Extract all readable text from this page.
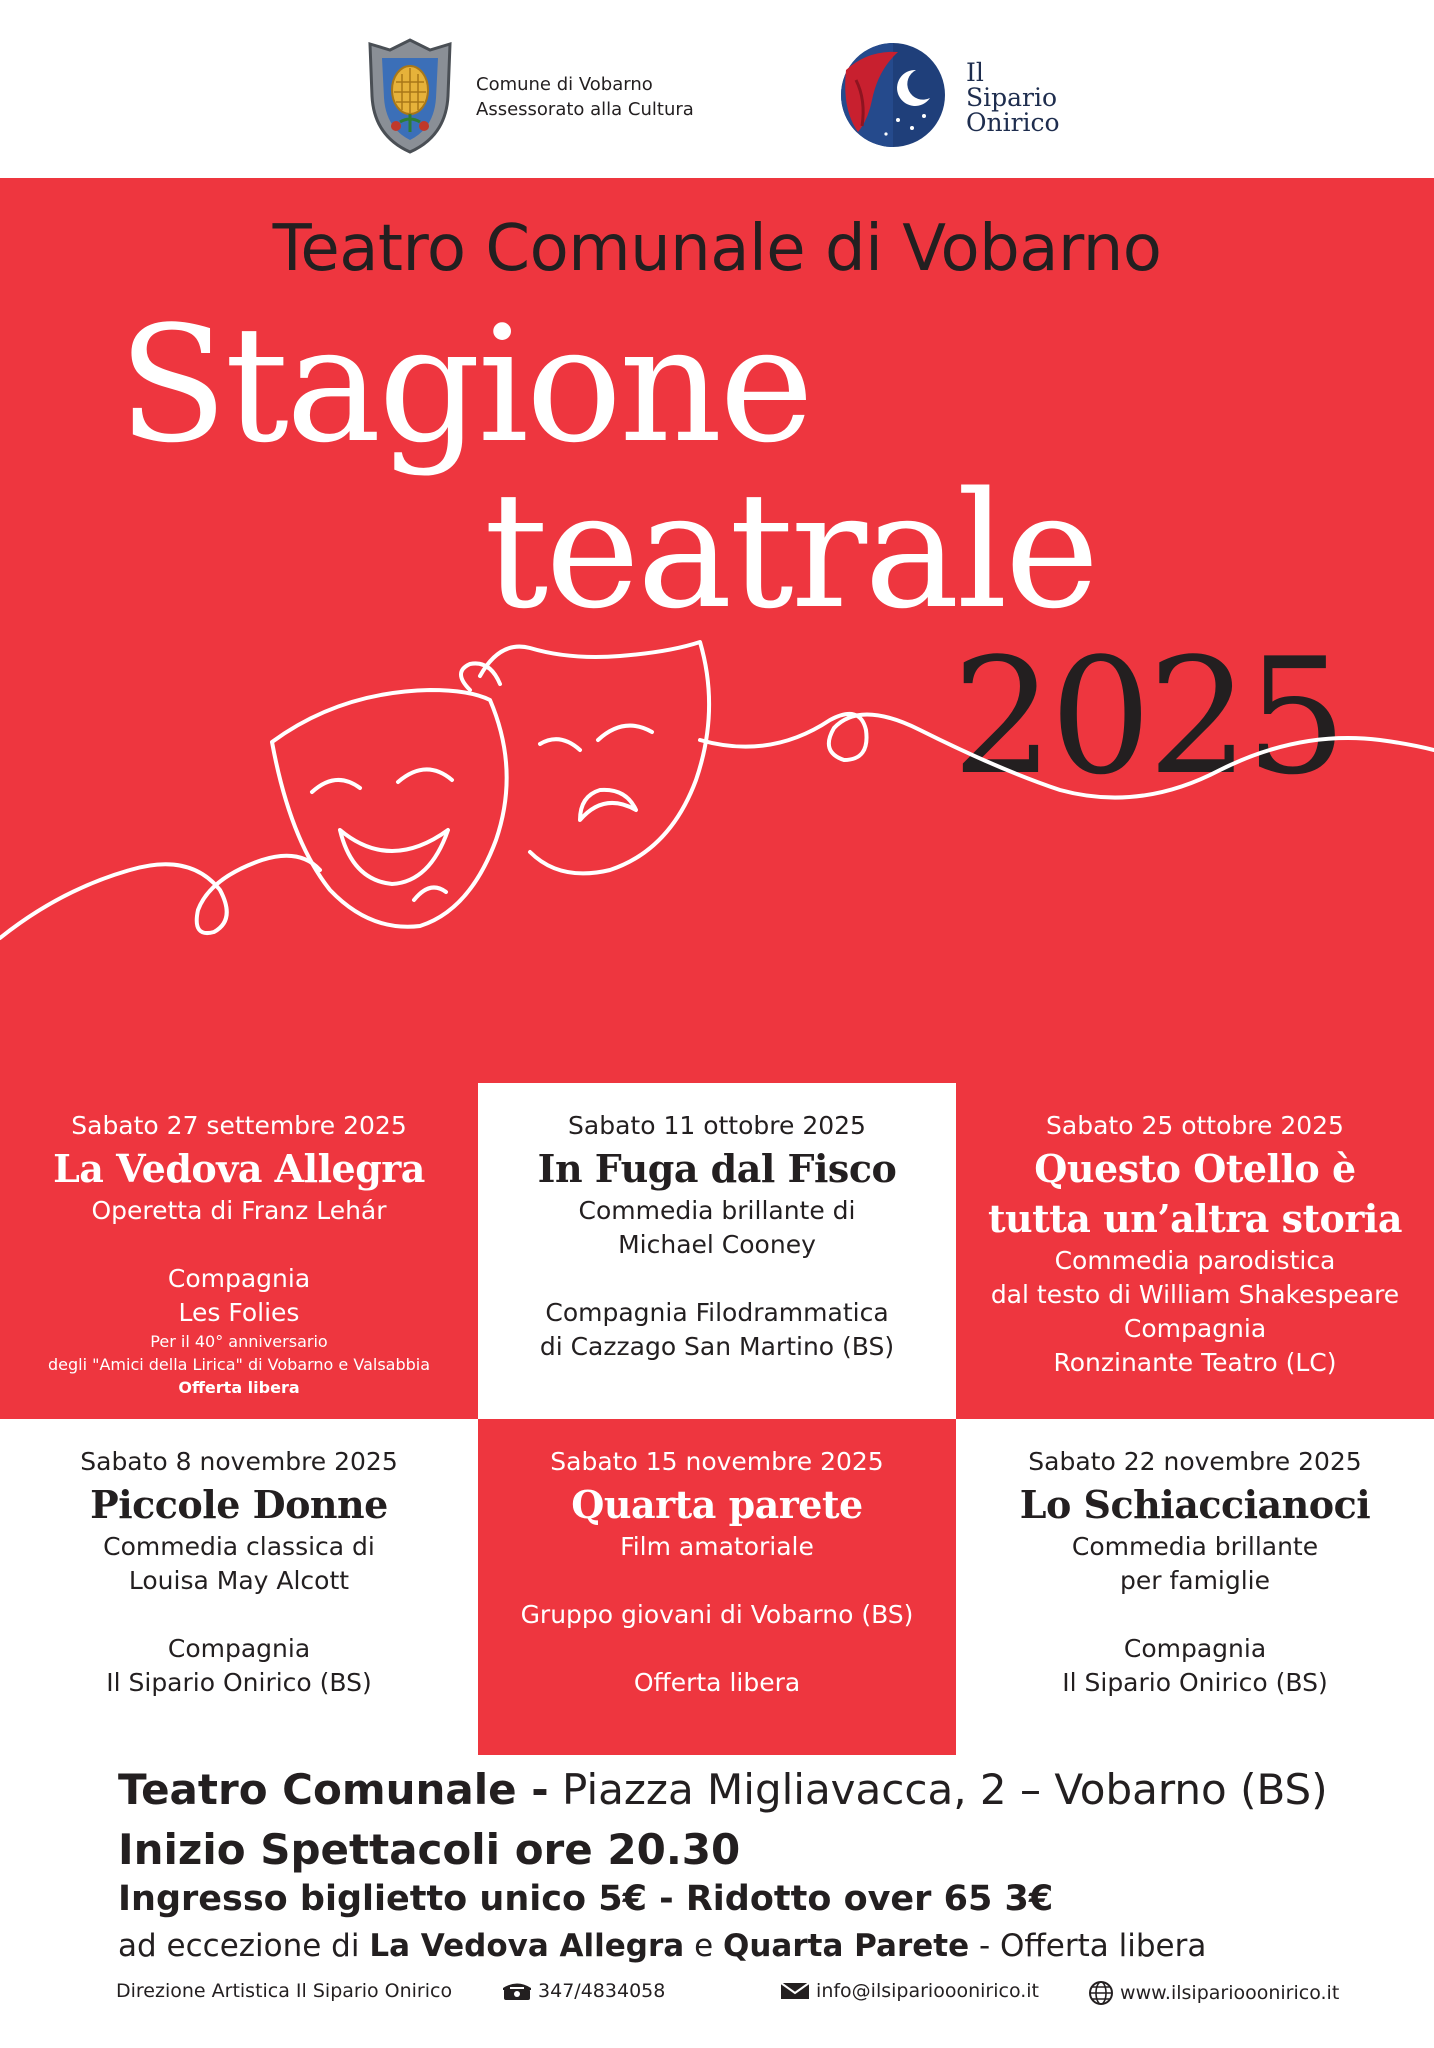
Comune di Vobarno
Assessorato alla Cultura
Il
Sipario
Onirico
Teatro Comunale di Vobarno
Stagione
teatrale
2025
Sabato 27 settembre 2025
La Vedova Allegra
Operetta di Franz Lehár
Compagnia
Les Folies
Per il 40° anniversario
degli "Amici della Lirica" di Vobarno e Valsabbia
Offerta libera
Sabato 11 ottobre 2025
In Fuga dal Fisco
Commedia brillante di
Michael Cooney
Compagnia Filodrammatica
di Cazzago San Martino (BS)
Sabato 25 ottobre 2025
Questo Otello è
tutta un’altra storia
Commedia parodistica
dal testo di William Shakespeare
Compagnia
Ronzinante Teatro (LC)
Sabato 8 novembre 2025
Piccole Donne
Commedia classica di
Louisa May Alcott
Compagnia
Il Sipario Onirico (BS)
Sabato 15 novembre 2025
Quarta parete
Film amatoriale
Gruppo giovani di Vobarno (BS)
Offerta libera
Sabato 22 novembre 2025
Lo Schiaccianoci
Commedia brillante
per famiglie
Compagnia
Il Sipario Onirico (BS)
Teatro Comunale - Piazza Migliavacca, 2 – Vobarno (BS)
Inizio Spettacoli ore 20.30
Ingresso biglietto unico 5€ - Ridotto over 65 3€
ad eccezione di La Vedova Allegra e Quarta Parete - Offerta libera
Direzione Artistica Il Sipario Onirico	347/4834058	info@ilsipariooonirico.it	www.ilsipariooonirico.it
